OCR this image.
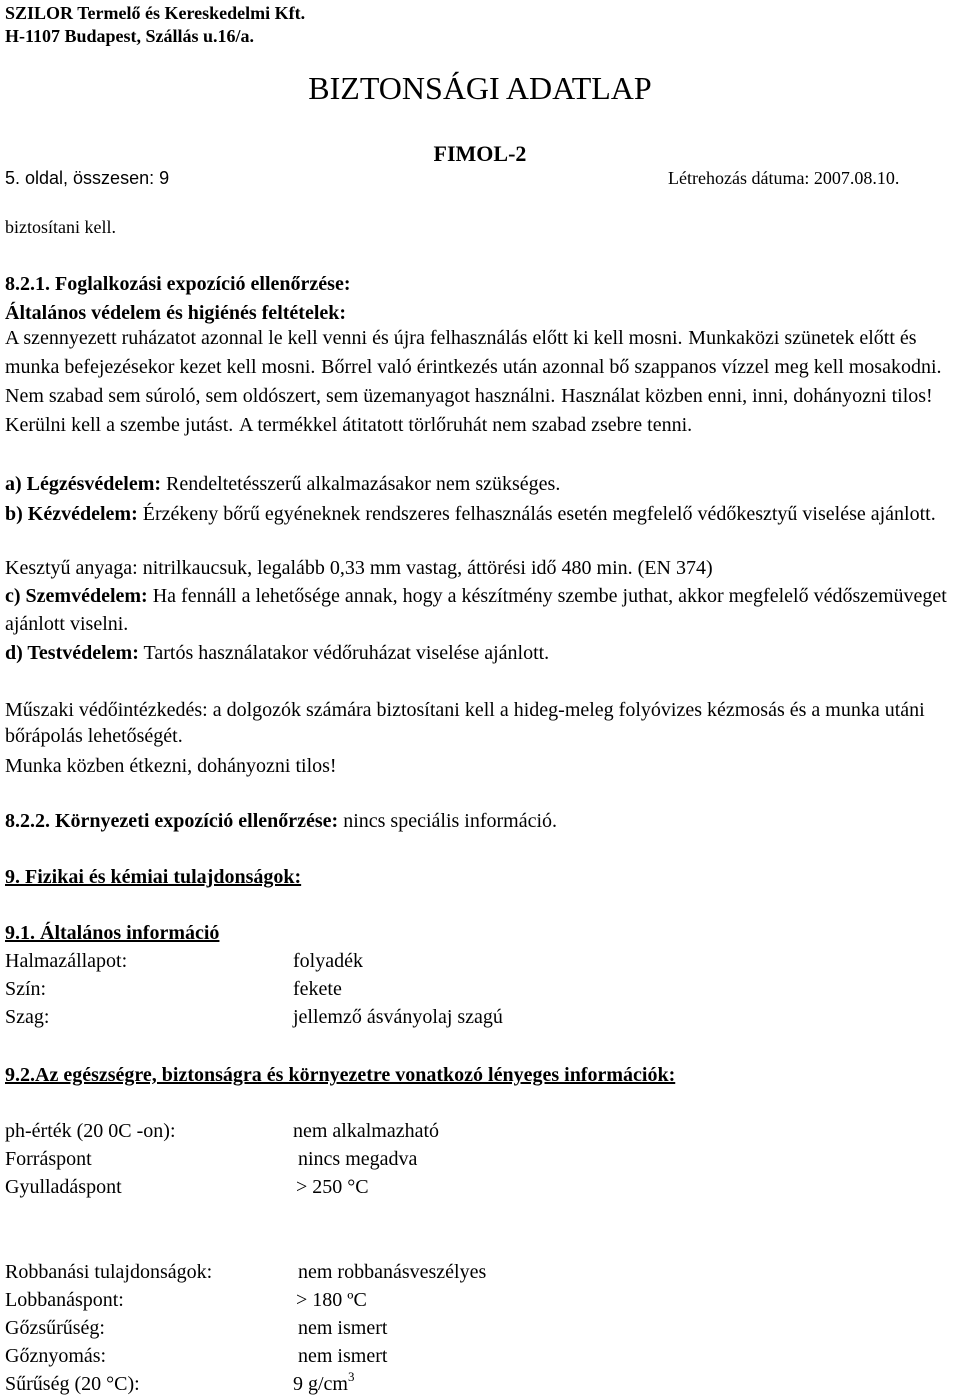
SZILOR Termelő és Kereskedelmi Kft.
H-1107 Budapest, Szállás u.16/a.
BIZTONSÁGI ADATLAP
FIMOL-2
5. oldal, összesen: 9	Létrehozás dátuma: 2007.08.10.
biztosítani kell.
8.2.1. Foglalkozási expozíció ellenőrzése:
Általános védelem és higiénés feltételek:
A szennyezett ruházatot azonnal le kell venni és újra felhasználás előtt ki kell mosni. Munkaközi szünetek előtt és munka befejezésekor kezet kell mosni. Bőrrel való érintkezés után azonnal bő szappanos vízzel meg kell mosakodni. Nem szabad sem súroló, sem oldószert, sem üzemanyagot használni. Használat közben enni, inni, dohányozni tilos! Kerülni kell a szembe jutást. A termékkel átitatott törlőruhát nem szabad zsebre tenni.
a) Légzésvédelem: Rendeltetésszerű alkalmazásakor nem szükséges.
b) Kézvédelem: Érzékeny bőrű egyéneknek rendszeres felhasználás esetén megfelelő védőkesztyű viselése ajánlott.
Kesztyű anyaga: nitrilkaucsuk, legalább 0,33 mm vastag, áttörési idő 480 min. (EN 374)
c) Szemvédelem: Ha fennáll a lehetősége annak, hogy a készítmény szembe juthat, akkor megfelelő védőszemüveget ajánlott viselni.
d) Testvédelem: Tartós használatakor védőruházat viselése ajánlott.
Műszaki védőintézkedés: a dolgozók számára biztosítani kell a hideg-meleg folyóvizes kézmosás és a munka utáni bőrápolás lehetőségét.
Munka közben étkezni, dohányozni tilos!
8.2.2. Környezeti expozíció ellenőrzése: nincs speciális információ.
9. Fizikai és kémiai tulajdonságok:
9.1. Általános információ
Halmazállapot:	folyadék
Szín:	fekete
Szag:	jellemző ásványolaj szagú
9.2.Az egészségre, biztonságra és környezetre vonatkozó lényeges információk:
ph-érték (20 0C -on):	nem alkalmazható
Forráspont	nincs megadva
Gyulladáspont	> 250 °C
Robbanási tulajdonságok:	nem robbanásveszélyes
Lobbanáspont:	> 180 ºC
Gőzsűrűség:	nem ismert
Gőznyomás:	nem ismert
Sűrűség (20 °C):	9 $g/cm^3$
